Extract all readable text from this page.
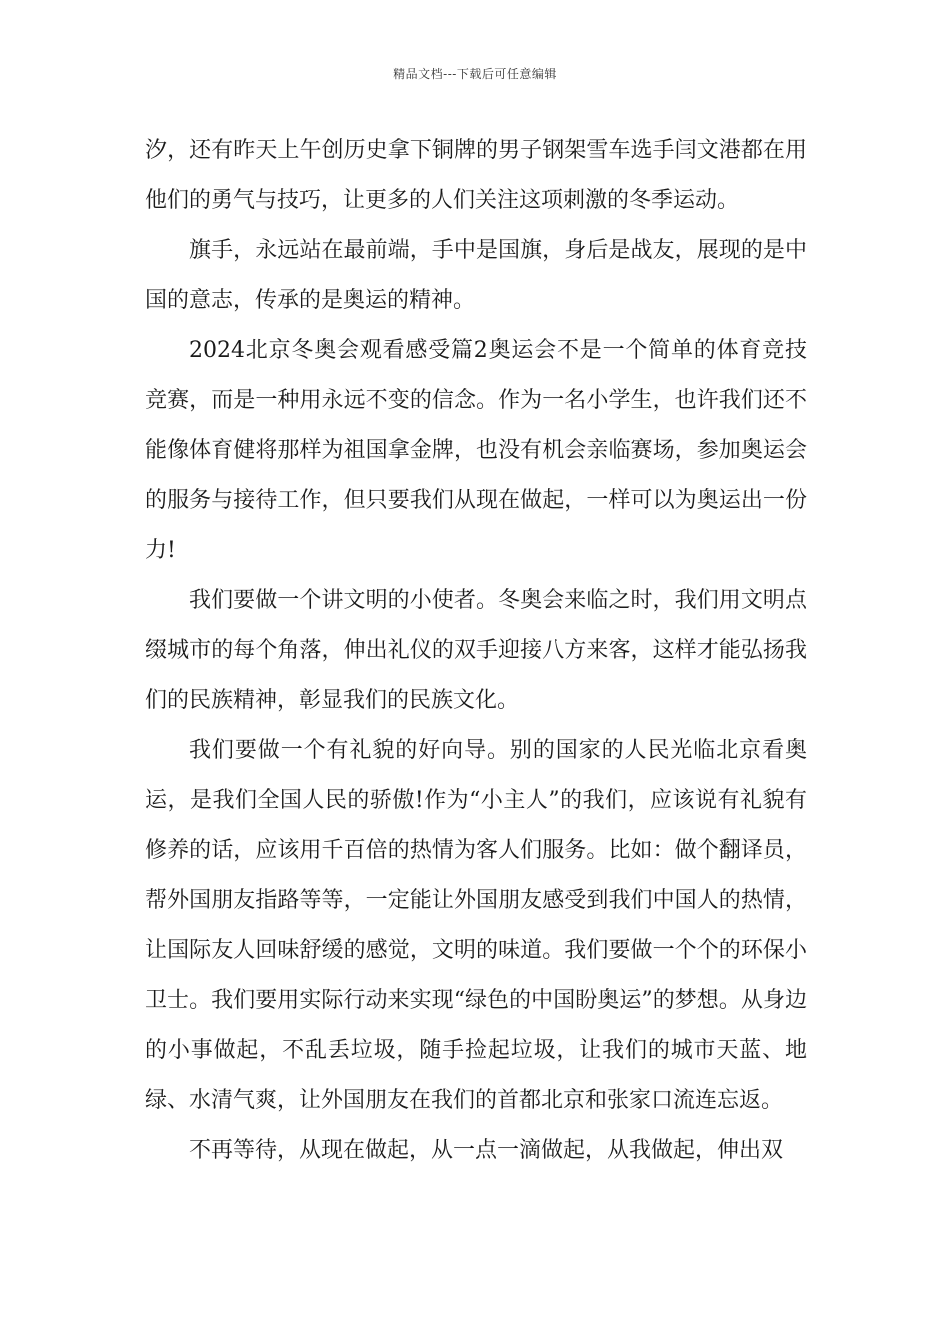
精品文档---下载后可任意编辑

汐，还有昨天上午创历史拿下铜牌的男子钢架雪车选手闫文港都在用他们的勇气与技巧，让更多的人们关注这项刺激的冬季运动。

旗手，永远站在最前端，手中是国旗，身后是战友，展现的是中国的意志，传承的是奥运的精神。

2024北京冬奥会观看感受篇2奥运会不是一个简单的体育竞技竞赛，而是一种用永远不变的信念。作为一名小学生，也许我们还不能像体育健将那样为祖国拿金牌，也没有机会亲临赛场，参加奥运会的服务与接待工作，但只要我们从现在做起，一样可以为奥运出一份力!

我们要做一个讲文明的小使者。冬奥会来临之时，我们用文明点缀城市的每个角落，伸出礼仪的双手迎接八方来客，这样才能弘扬我们的民族精神，彰显我们的民族文化。

我们要做一个有礼貌的好向导。别的国家的人民光临北京看奥运，是我们全国人民的骄傲!作为“小主人”的我们，应该说有礼貌有修养的话，应该用千百倍的热情为客人们服务。比如：做个翻译员，帮外国朋友指路等等，一定能让外国朋友感受到我们中国人的热情，让国际友人回味舒缓的感觉，文明的味道。我们要做一个个的环保小卫士。我们要用实际行动来实现“绿色的中国盼奥运”的梦想。从身边的小事做起，不乱丢垃圾，随手捡起垃圾，让我们的城市天蓝、地绿、水清气爽，让外国朋友在我们的首都北京和张家口流连忘返。

不再等待，从现在做起，从一点一滴做起，从我做起，伸出双
